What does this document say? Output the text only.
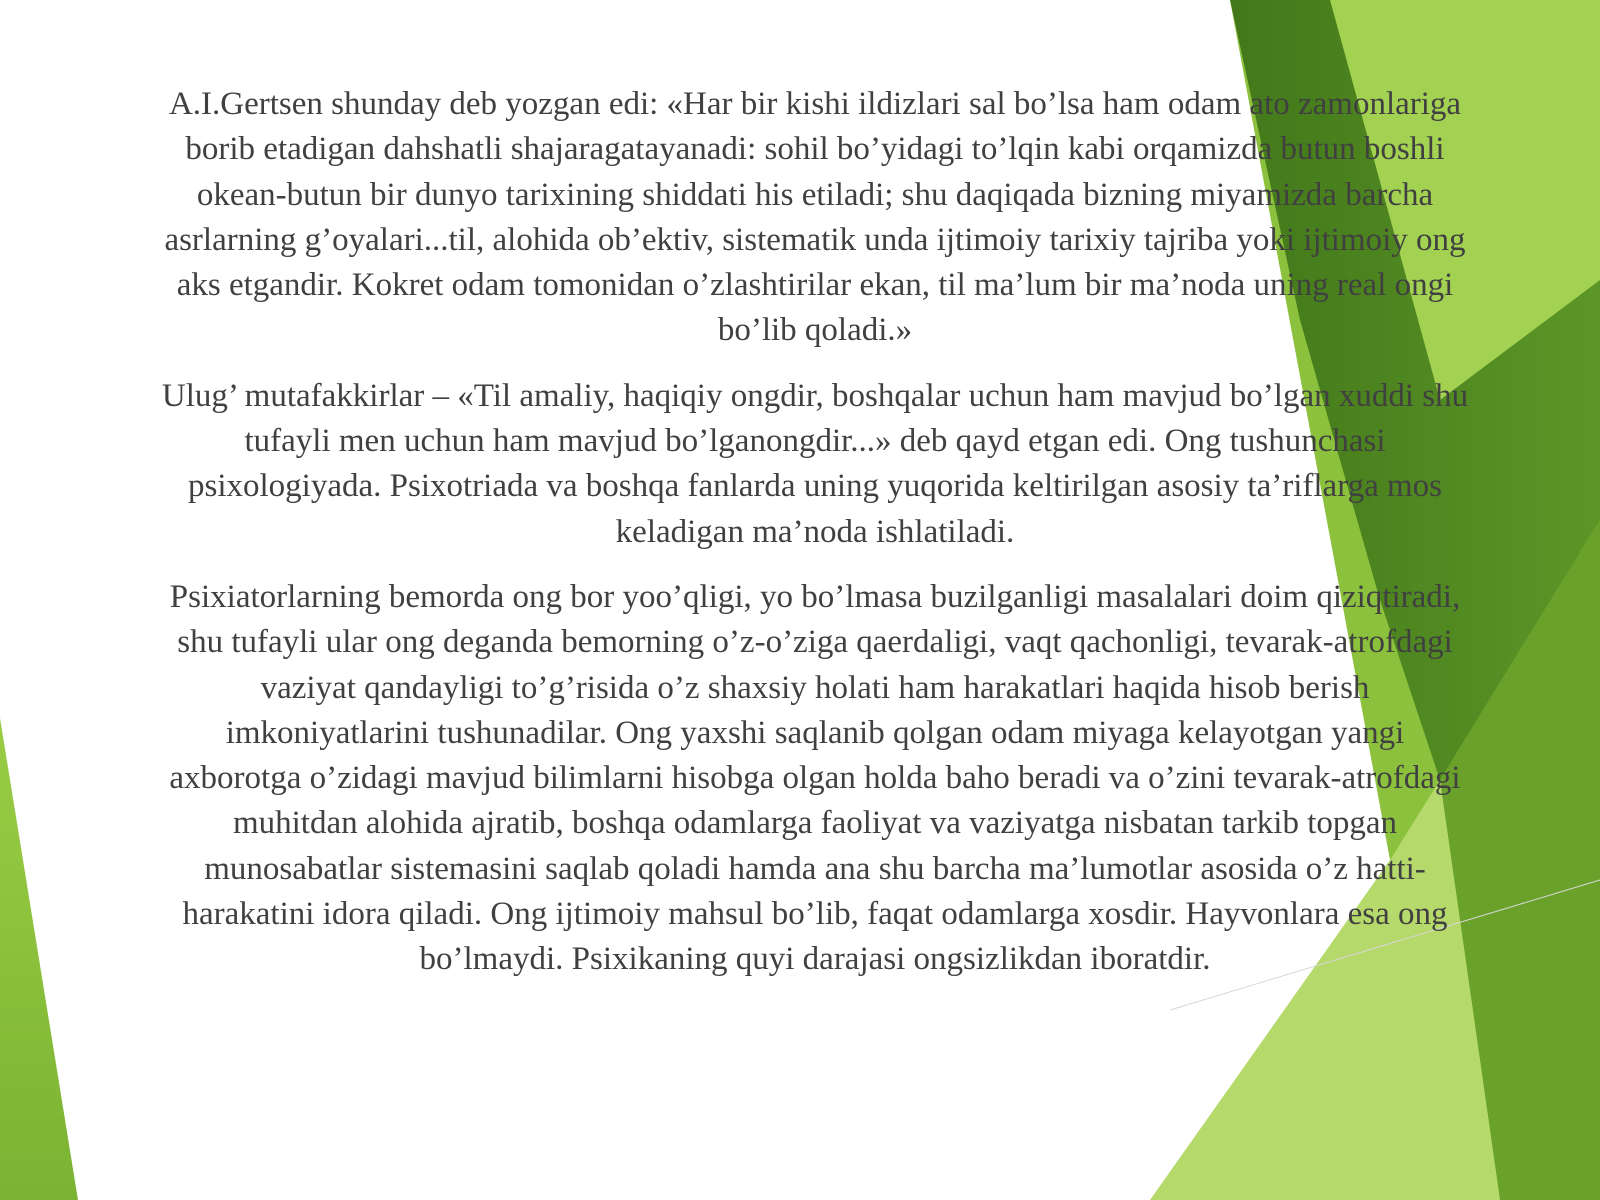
A.I.Gertsen shunday deb yozgan edi: «Har bir kishi ildizlari sal bo’lsa ham odam ato zamonlariga borib etadigan dahshatli shajaragatayanadi: sohil bo’yidagi to’lqin kabi orqamizda butun boshli okean-butun bir dunyo tarixining shiddati his etiladi; shu daqiqada bizning miyamizda barcha asrlarning g’oyalari...til, alohida ob’ektiv, sistematik unda ijtimoiy tarixiy tajriba yoki ijtimoiy ong aks etgandir. Kokret odam tomonidan o’zlashtirilar ekan, til ma’lum bir ma’noda uning real ongi bo’lib qoladi.»

Ulug’ mutafakkirlar – «Til amaliy, haqiqiy ongdir, boshqalar uchun ham mavjud bo’lgan xuddi shu tufayli men uchun ham mavjud bo’lganongdir...» deb qayd etgan edi. Ong tushunchasi psixologiyada. Psixotriada va boshqa fanlarda uning yuqorida keltirilgan asosiy ta’riflarga mos keladigan ma’noda ishlatiladi.

Psixiatorlarning bemorda ong bor yoo’qligi, yo bo’lmasa buzilganligi masalalari doim qiziqtiradi, shu tufayli ular ong deganda bemorning o’z-o’ziga qaerdaligi, vaqt qachonligi, tevarak-atrofdagi vaziyat qandayligi to’g’risida o’z shaxsiy holati ham harakatlari haqida hisob berish imkoniyatlarini tushunadilar. Ong yaxshi saqlanib qolgan odam miyaga kelayotgan yangi axborotga o’zidagi mavjud bilimlarni hisobga olgan holda baho beradi va o’zini tevarak-atrofdagi muhitdan alohida ajratib, boshqa odamlarga faoliyat va vaziyatga nisbatan tarkib topgan munosabatlar sistemasini saqlab qoladi hamda ana shu barcha ma’lumotlar asosida o’z hatti-harakatini idora qiladi. Ong ijtimoiy mahsul bo’lib, faqat odamlarga xosdir. Hayvonlara esa ong bo’lmaydi. Psixikaning quyi darajasi ongsizlikdan iboratdir.
